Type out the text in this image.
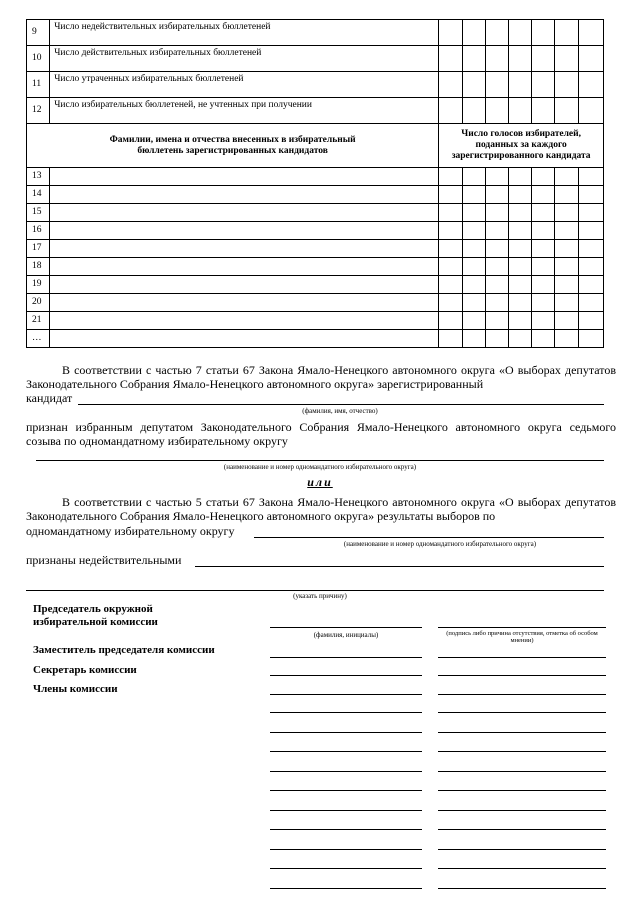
9	Число недействительных избирательных бюллетеней							
10	Число действительных избирательных бюллетеней							
11	Число утраченных избирательных бюллетеней							
12	Число избирательных бюллетеней, не учтенных при получении							
Фамилии, имена и отчества внесенных в избирательный бюллетень зарегистрированных кандидатов		Число голосов избирателей, поданных за каждого зарегистрированного кандидата						
13								
14								
15								
16								
17								
18								
19								
20								
21								
…								
В соответствии с частью 7 статьи 67 Закона Ямало-Ненецкого автономного округа «О выборах депутатов Законодательного Собрания Ямало-Ненецкого автономного округа» зарегистрированный
кандидат
(фамилия, имя, отчество)
признан избранным депутатом Законодательного Собрания Ямало-Ненецкого автономного округа седьмого созыва по одномандатному избирательному округу
(наименование и номер одномандатного избирательного округа)
или
В соответствии с частью 5 статьи 67 Закона Ямало-Ненецкого автономного округа «О выборах депутатов Законодательного Собрания Ямало-Ненецкого автономного округа» результаты выборов по
одномандатному избирательному округу
(наименование и номер одномандатного избирательного округа)
признаны недействительными
(указать причину)
Председатель окружной избирательной комиссии
(фамилия, инициалы)	(подпись либо причина отсутствия, отметка об особом мнении)
Заместитель председателя комиссии
Секретарь комиссии
Члены комиссии
